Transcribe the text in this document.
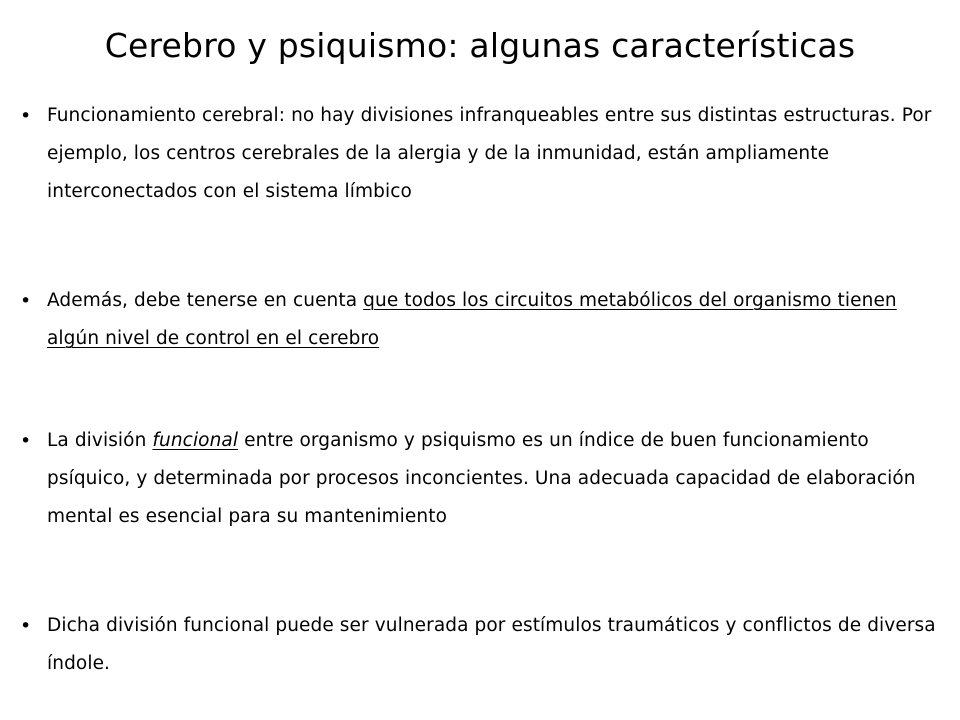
Cerebro y psiquismo: algunas características
• Funcionamiento cerebral: no hay divisiones infranqueables entre sus distintas estructuras. Por ejemplo, los centros cerebrales de la alergia y de la inmunidad, están ampliamente interconectados con el sistema límbico
• Además, debe tenerse en cuenta que todos los circuitos metabólicos del organismo tienen algún nivel de control en el cerebro
• La división funcional entre organismo y psiquismo es un índice de buen funcionamiento psíquico, y determinada por procesos inconcientes. Una adecuada capacidad de elaboración mental es esencial para su mantenimiento
• Dicha división funcional puede ser vulnerada por estímulos traumáticos y conflictos de diversa índole.
